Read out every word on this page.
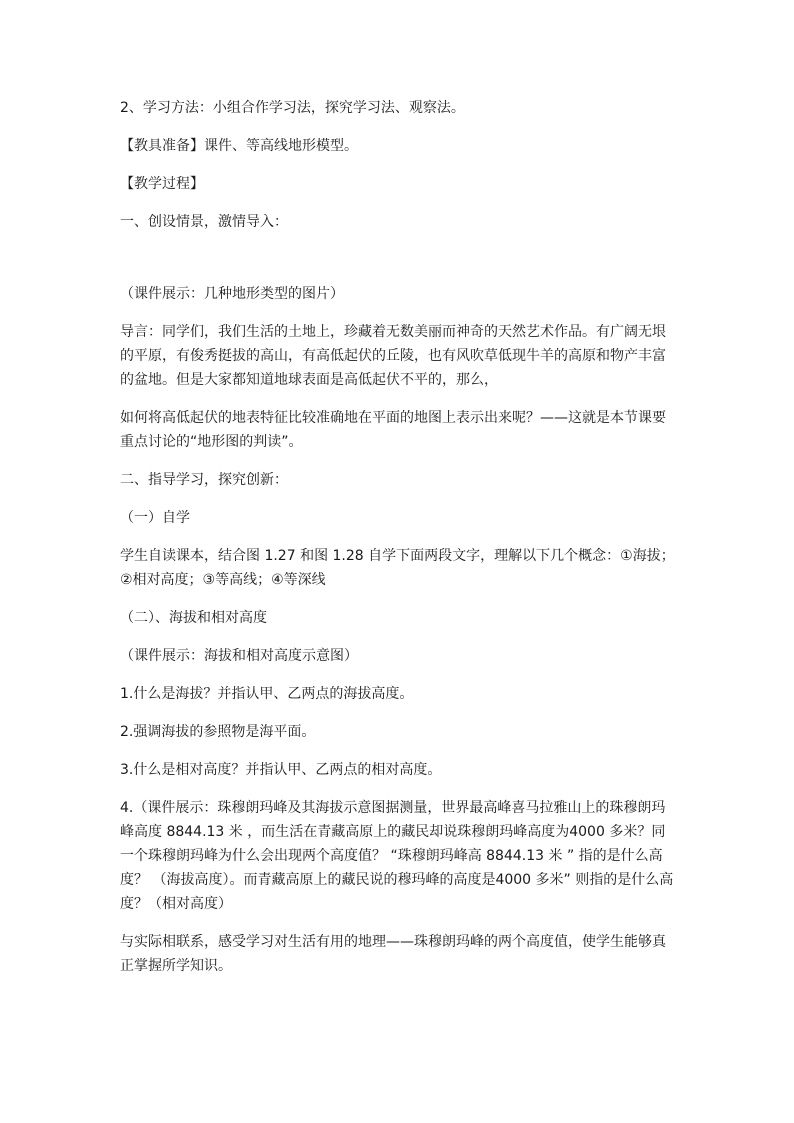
2、学习方法：小组合作学习法，探究学习法、观察法。

【教具准备】课件、等高线地形模型。

【教学过程】

一、创设情景，激情导入：

（课件展示：几种地形类型的图片）

导言：同学们，我们生活的土地上，珍藏着无数美丽而神奇的天然艺术作品。有广阔无垠的平原，有俊秀挺拔的高山，有高低起伏的丘陵，也有风吹草低现牛羊的高原和物产丰富的盆地。但是大家都知道地球表面是高低起伏不平的，那么，

如何将高低起伏的地表特征比较准确地在平面的地图上表示出来呢？——这就是本节课要重点讨论的“地形图的判读”。

二、指导学习，探究创新：

（一）自学

学生自读课本，结合图 1.27 和图 1.28 自学下面两段文字，理解以下几个概念：①海拔；②相对高度；③等高线；④等深线

（二）、海拔和相对高度

（课件展示：海拔和相对高度示意图）

1.什么是海拔？并指认甲、乙两点的海拔高度。

2.强调海拔的参照物是海平面。

3.什么是相对高度？并指认甲、乙两点的相对高度。

4.（课件展示：珠穆朗玛峰及其海拔示意图据测量，世界最高峰喜马拉雅山上的珠穆朗玛峰高度 8844.13 米 ，而生活在青藏高原上的藏民却说珠穆朗玛峰高度为4000 多米？同一个珠穆朗玛峰为什么会出现两个高度值？ “珠穆朗玛峰高 8844.13 米 ” 指的是什么高度？ （海拔高度）。而青藏高原上的藏民说的穆玛峰的高度是4000 多米” 则指的是什么高度？（相对高度）

与实际相联系，感受学习对生活有用的地理——珠穆朗玛峰的两个高度值，使学生能够真正掌握所学知识。
